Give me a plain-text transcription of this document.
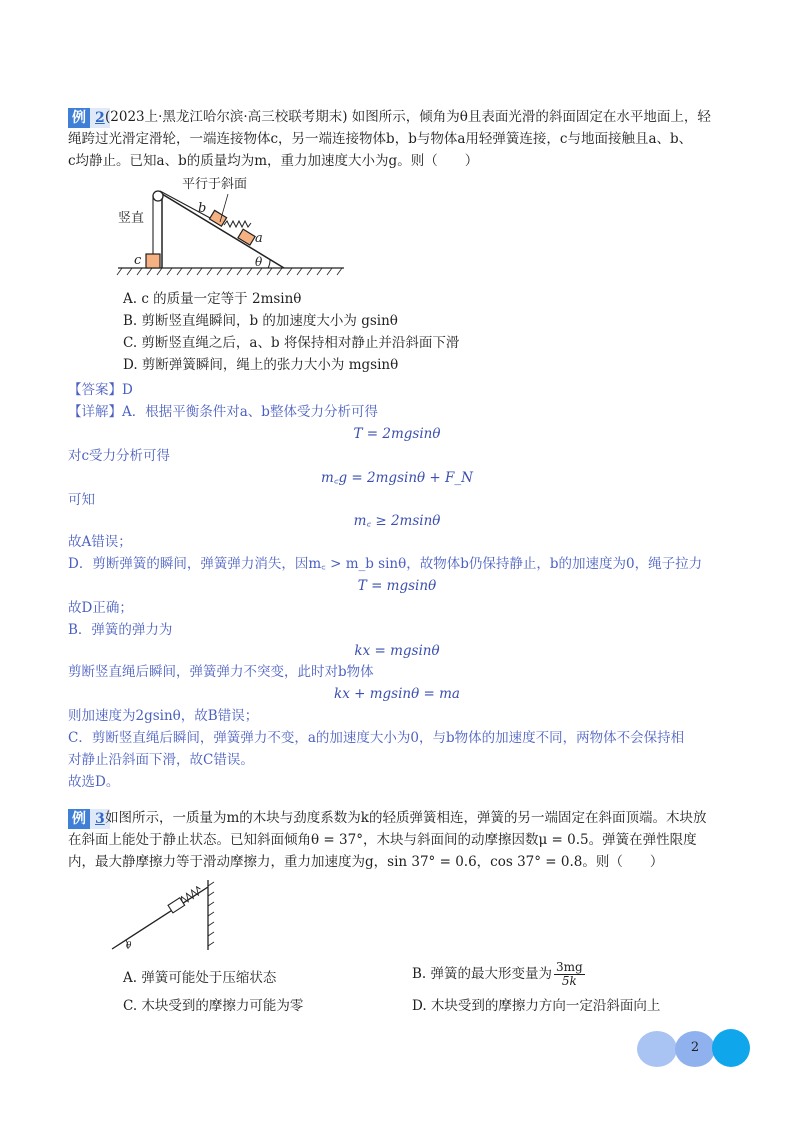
例 2 (2023上·黑龙江哈尔滨·高三校联考期末) 如图所示，倾角为θ且表面光滑的斜面固定在水平地面上，轻
绳跨过光滑定滑轮，一端连接物体c，另一端连接物体b，b与物体a用轻弹簧连接，c与地面接触且a、b、
c均静止。已知a、b的质量均为m，重力加速度大小为g。则（　　）
平行于斜面
竖直
b
a
c	θ
A. c 的质量一定等于 2msinθ
B. 剪断竖直绳瞬间，b 的加速度大小为 gsinθ
C. 剪断竖直绳之后，a、b 将保持相对静止并沿斜面下滑
D. 剪断弹簧瞬间，绳上的张力大小为 mgsinθ
【答案】D
【详解】A．根据平衡条件对a、b整体受力分析可得
T = 2mgsinθ
对c受力分析可得
m꜀g = 2mgsinθ + F_N
可知
m꜀ ≥ 2msinθ
故A错误；
D．剪断弹簧的瞬间，弹簧弹力消失，因m꜀ > m_b sinθ，故物体b仍保持静止，b的加速度为0，绳子拉力
T = mgsinθ
故D正确；
B．弹簧的弹力为
kx = mgsinθ
剪断竖直绳后瞬间，弹簧弹力不突变，此时对b物体
kx + mgsinθ = ma
则加速度为2gsinθ，故B错误；
C．剪断竖直绳后瞬间，弹簧弹力不变，a的加速度大小为0，与b物体的加速度不同，两物体不会保持相
对静止沿斜面下滑，故C错误。
故选D。
例 3 如图所示，一质量为m的木块与劲度系数为k的轻质弹簧相连，弹簧的另一端固定在斜面顶端。木块放
在斜面上能处于静止状态。已知斜面倾角θ = 37°，木块与斜面间的动摩擦因数μ = 0.5。弹簧在弹性限度
内，最大静摩擦力等于滑动摩擦力，重力加速度为g，sin 37° = 0.6，cos 37° = 0.8。则（　　）
θ
A. 弹簧可能处于压缩状态	B. 弹簧的最大形变量为 $\frac{3mg}{5k}$
C. 木块受到的摩擦力可能为零	D. 木块受到的摩擦力方向一定沿斜面向上
2
